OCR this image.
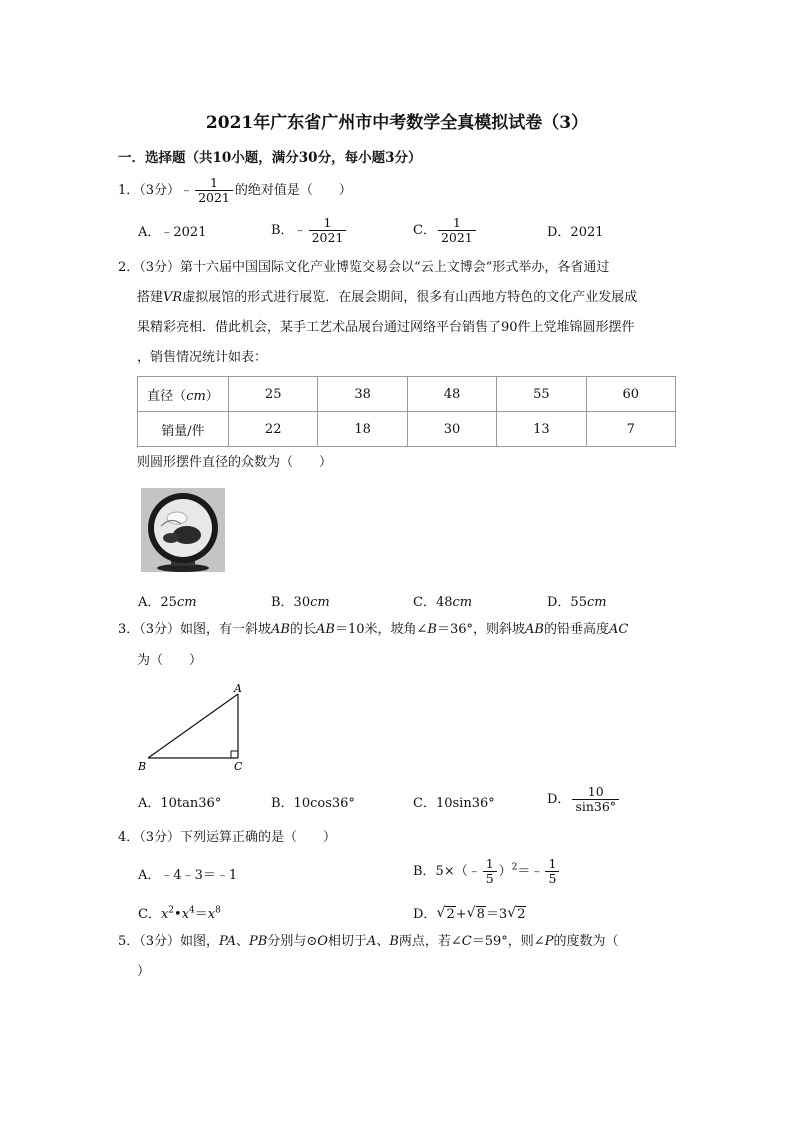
2021年广东省广州市中考数学全真模拟试卷（3）
一．选择题（共10小题，满分30分，每小题3分）
1．（3分）﹣ $\frac{1}{2021}$ 的绝对值是（　　）
A．﹣2021	B．﹣ $\frac{1}{2021}$	C． $\frac{1}{2021}$	D．2021
2．（3分）第十六届中国国际文化产业博览交易会以“云上文博会”形式举办，各省通过
搭建VR虚拟展馆的形式进行展览．在展会期间，很多有山西地方特色的文化产业发展成
果精彩亮相．借此机会，某手工艺术品展台通过网络平台销售了90件上党堆锦圆形摆件
，销售情况统计如表：
直径（cm）	25	38	48	55	60
销量/件	22	18	30	13	7
则圆形摆件直径的众数为（　　）
A．25cm	B．30cm	C．48cm	D．55cm
3．（3分）如图，有一斜坡AB的长AB＝10米，坡角∠B＝36°，则斜坡AB的铅垂高度AC
为（　　）
A
B	C
A．10tan36°	B．10cos36°	C．10sin36°	D． $\frac{10}{\sin 36^\circ}$
4．（3分）下列运算正确的是（　　）
A．﹣4﹣3＝﹣1	B．5×（﹣ $\frac{1}{5}$ ）$^2$＝﹣ $\frac{1}{5}$
C．$x^2•x^4=x^8$	D． √ 2+ √ 8＝3 √ 2
5．（3分）如图，PA、PB分别与⊙O相切于A、B两点，若∠C＝59°，则∠P的度数为（
）
